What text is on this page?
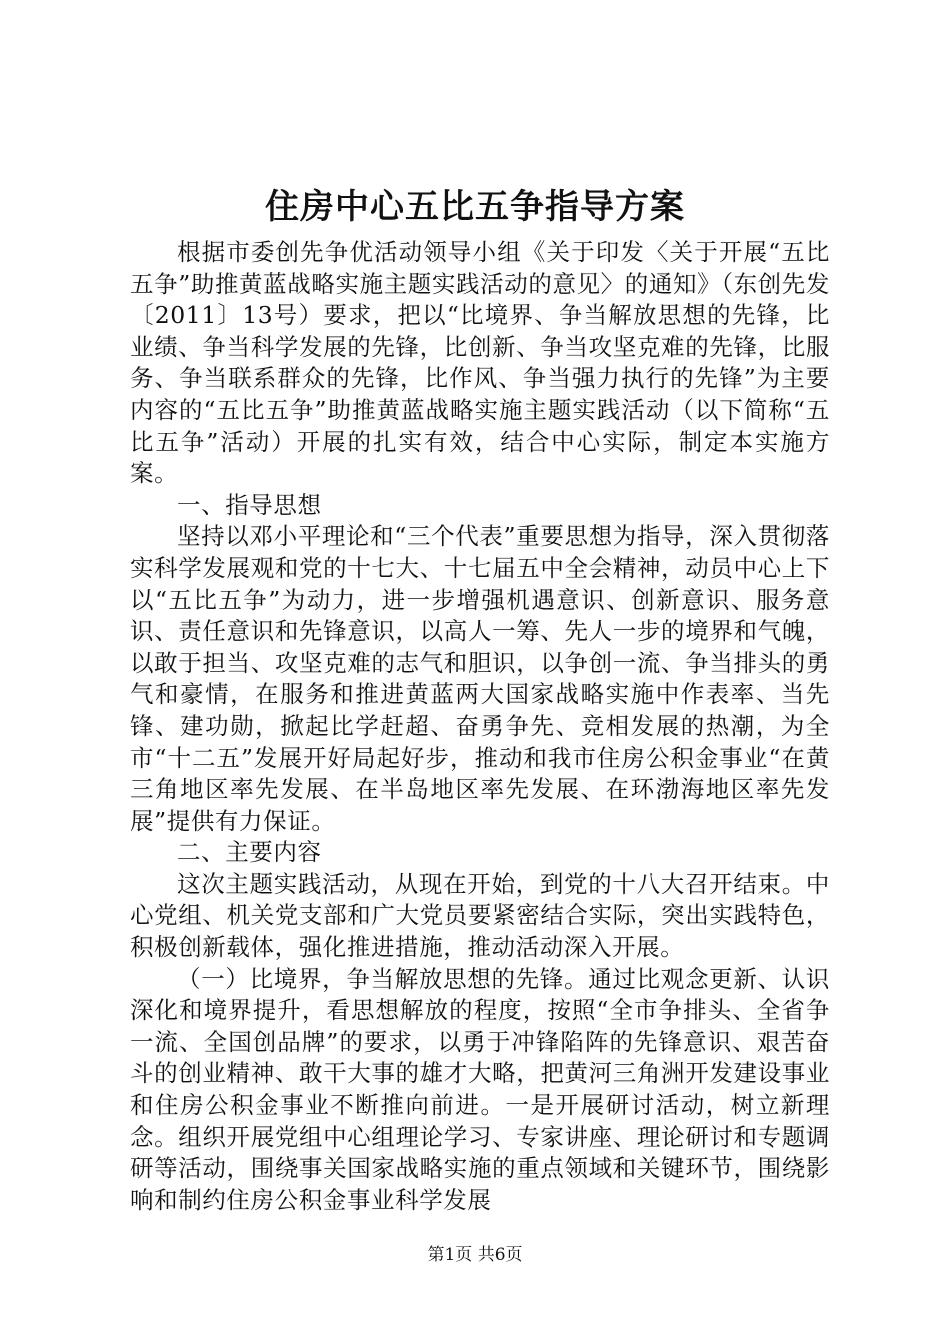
住房中心五比五争指导方案

根据市委创先争优活动领导小组《关于印发〈关于开展“五比五争”助推黄蓝战略实施主题实践活动的意见〉的通知》（东创先发〔2011〕13号）要求，把以“比境界、争当解放思想的先锋，比业绩、争当科学发展的先锋，比创新、争当攻坚克难的先锋，比服务、争当联系群众的先锋，比作风、争当强力执行的先锋”为主要内容的“五比五争”助推黄蓝战略实施主题实践活动（以下简称“五比五争”活动）开展的扎实有效，结合中心实际，制定本实施方案。

一、指导思想

坚持以邓小平理论和“三个代表”重要思想为指导，深入贯彻落实科学发展观和党的十七大、十七届五中全会精神，动员中心上下以“五比五争”为动力，进一步增强机遇意识、创新意识、服务意识、责任意识和先锋意识，以高人一筹、先人一步的境界和气魄，以敢于担当、攻坚克难的志气和胆识，以争创一流、争当排头的勇气和豪情，在服务和推进黄蓝两大国家战略实施中作表率、当先锋、建功勋，掀起比学赶超、奋勇争先、竞相发展的热潮，为全市“十二五”发展开好局起好步，推动和我市住房公积金事业“在黄三角地区率先发展、在半岛地区率先发展、在环渤海地区率先发展”提供有力保证。

二、主要内容

这次主题实践活动，从现在开始，到党的十八大召开结束。中心党组、机关党支部和广大党员要紧密结合实际，突出实践特色，积极创新载体，强化推进措施，推动活动深入开展。

（一）比境界，争当解放思想的先锋。通过比观念更新、认识深化和境界提升，看思想解放的程度，按照“全市争排头、全省争一流、全国创品牌”的要求，以勇于冲锋陷阵的先锋意识、艰苦奋斗的创业精神、敢干大事的雄才大略，把黄河三角洲开发建设事业和住房公积金事业不断推向前进。一是开展研讨活动，树立新理念。组织开展党组中心组理论学习、专家讲座、理论研讨和专题调研等活动，围绕事关国家战略实施的重点领域和关键环节，围绕影响和制约住房公积金事业科学发展

第1页 共6页
